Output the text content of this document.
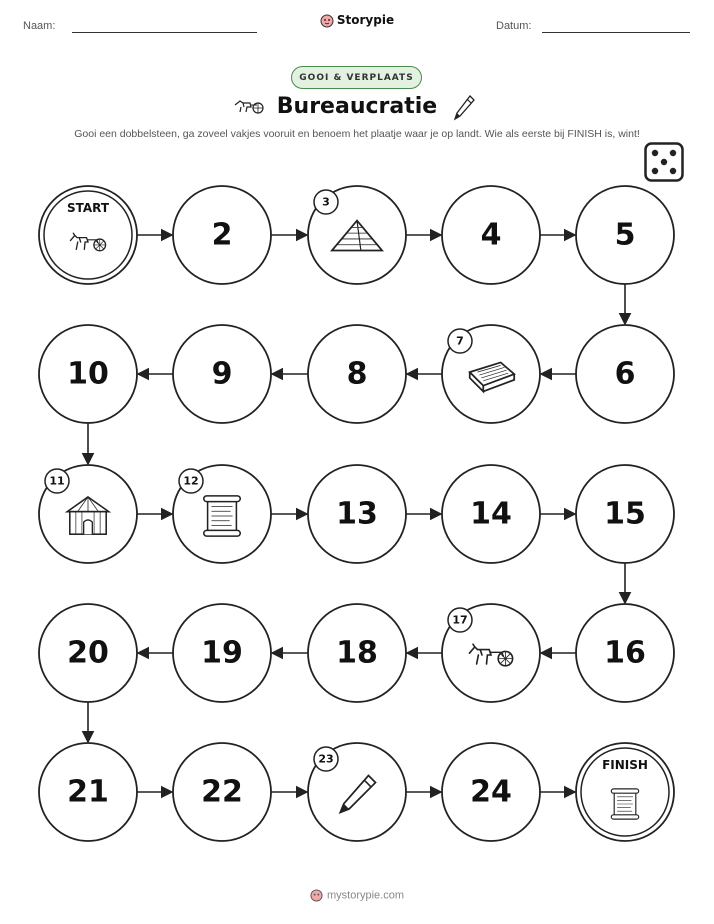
Naam:	Storypie	Datum:
GOOI & VERPLAATS
Bureaucratie
Gooi een dobbelsteen, ga zoveel vakjes vooruit en benoem het plaatje waar je op landt. Wie als eerste bij FINISH is, wint!
START
2
3
4	5
6
7
8
9
10
11	12
13	14	15
16
17
18
19
20
21	22
23
24
FINISH
mystorypie.com
